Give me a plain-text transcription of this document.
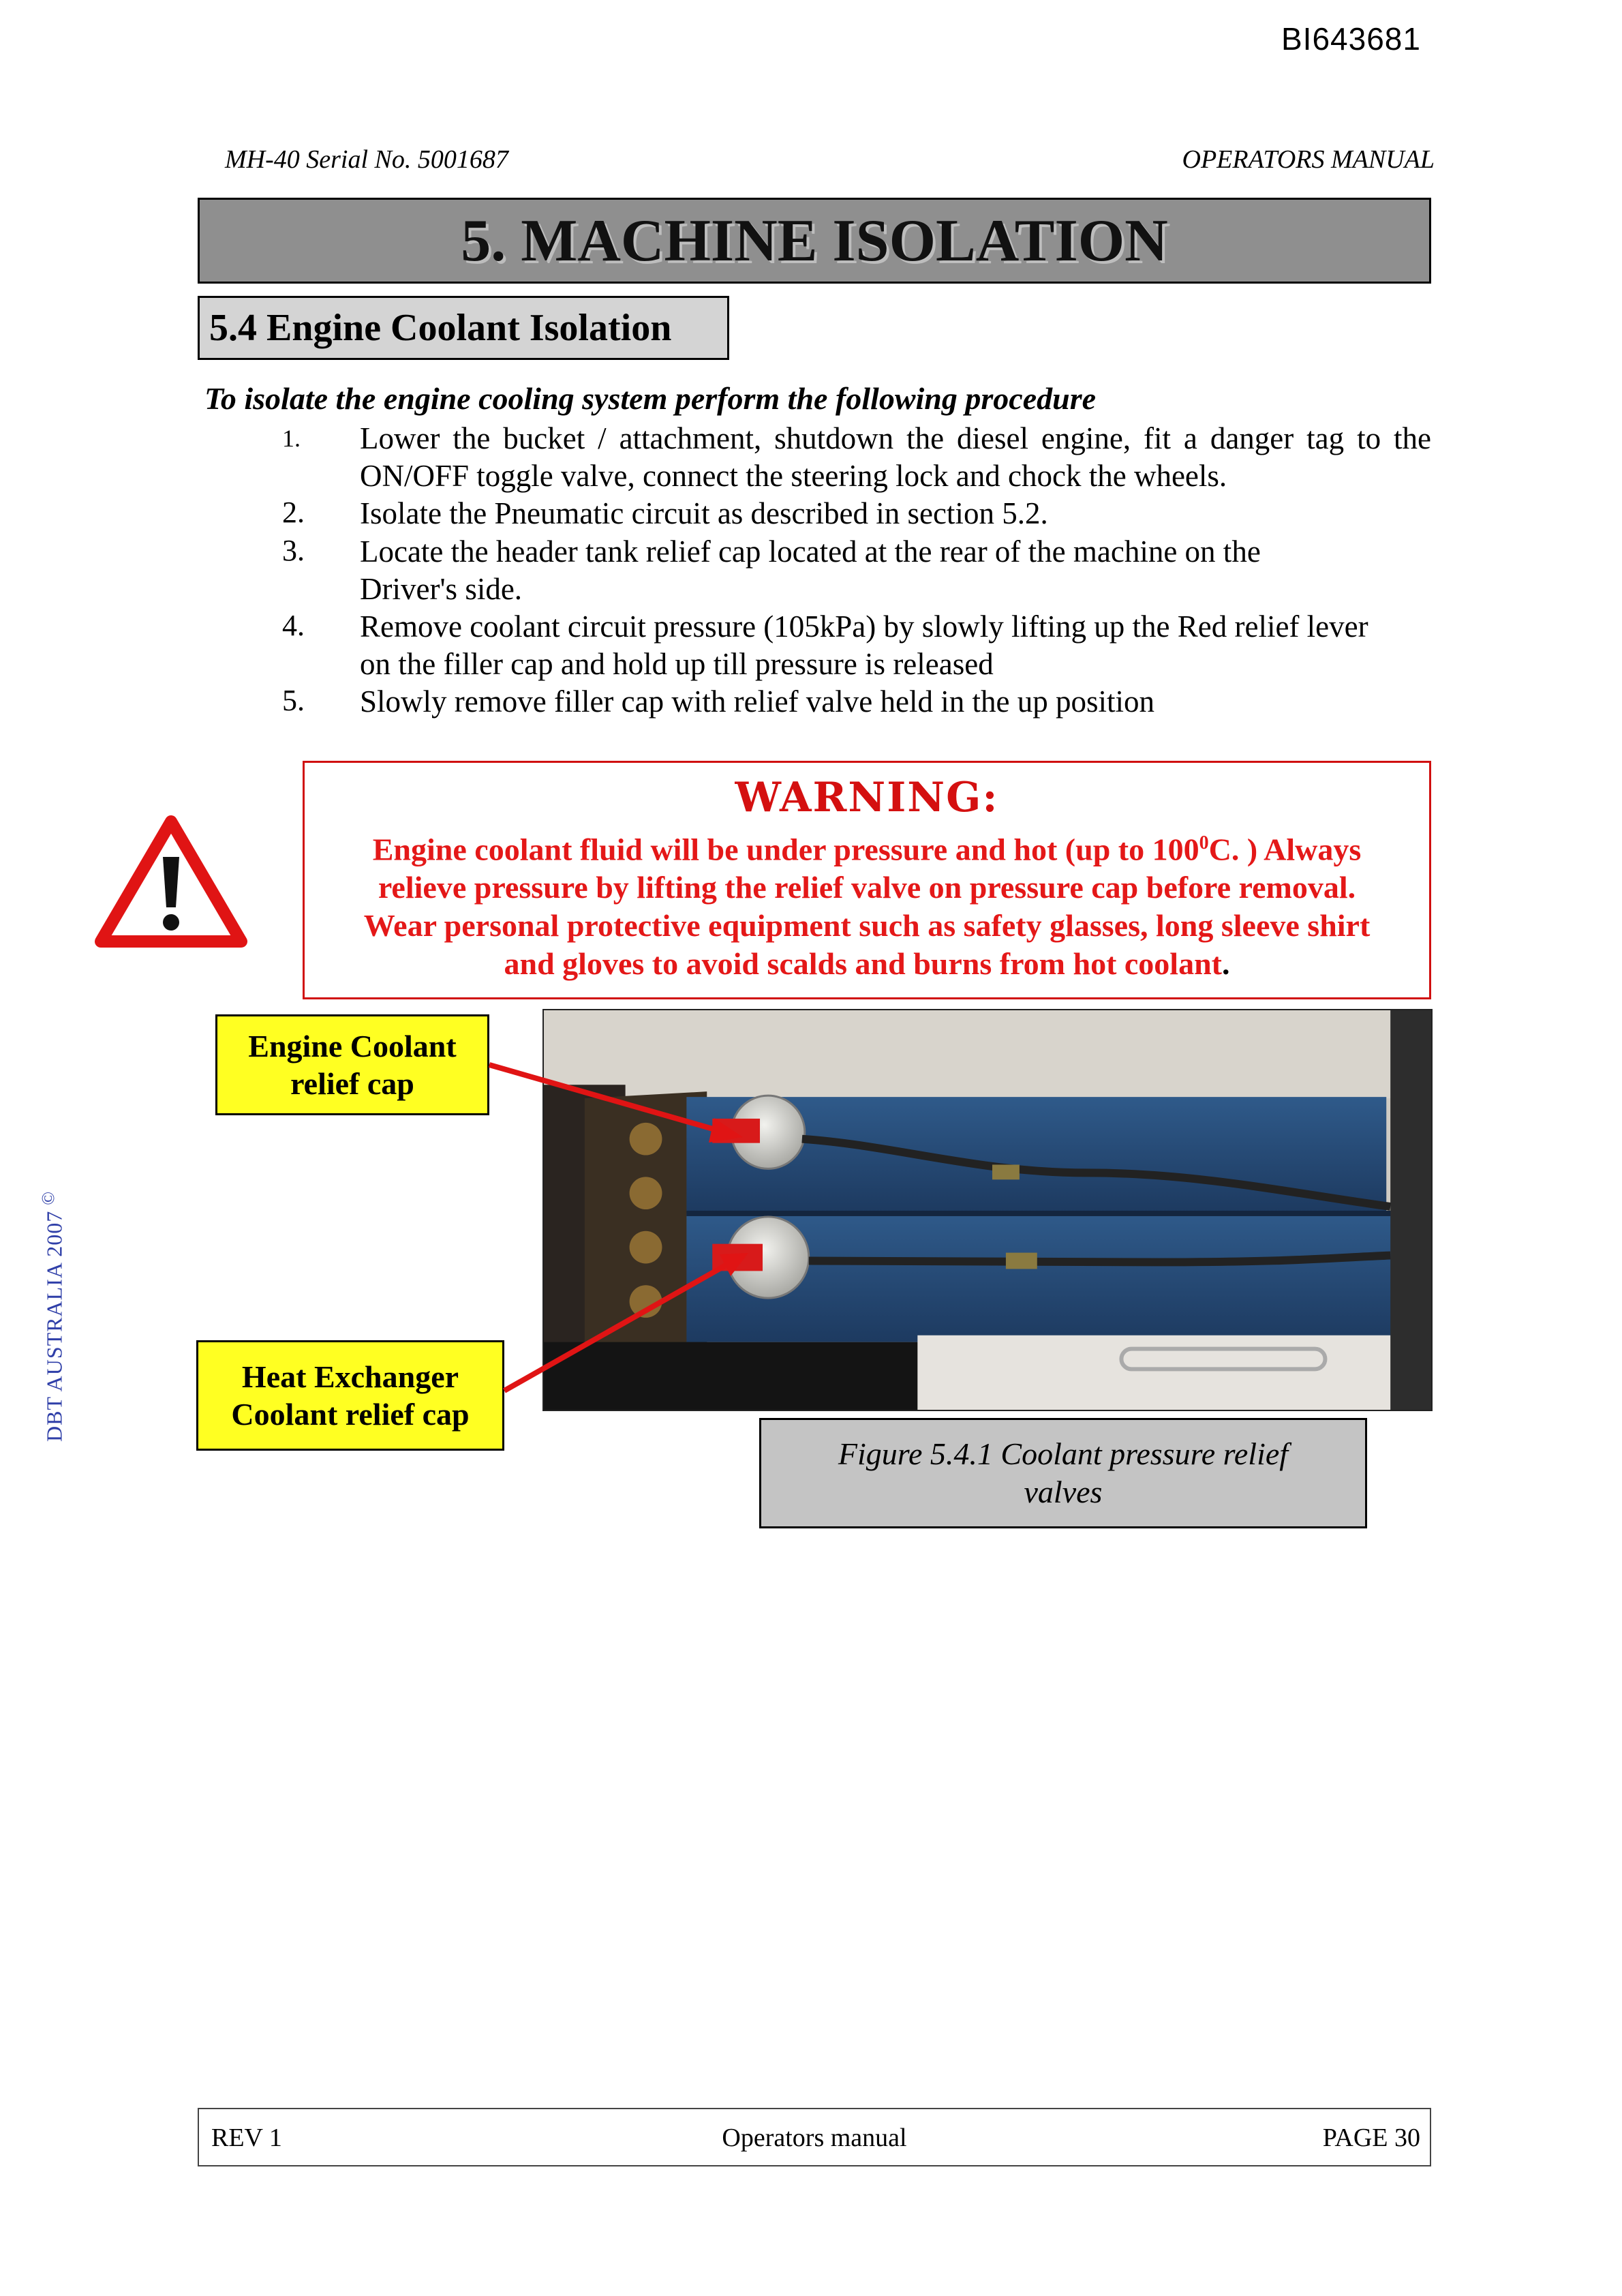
BI643681
MH-40 Serial No. 5001687	OPERATORS MANUAL
5. MACHINE ISOLATION
5.4 Engine Coolant Isolation
To isolate the engine cooling system perform the following procedure
1. Lower the bucket / attachment, shutdown the diesel engine, fit a danger tag to the ON/OFF toggle valve, connect the steering lock and chock the wheels.
2. Isolate the Pneumatic circuit as described in section 5.2.
3. Locate the header tank relief cap located at the rear of the machine on the Driver's side.
4. Remove coolant circuit pressure (105kPa) by slowly lifting up the Red relief lever on the filler cap and hold up till pressure is released
5. Slowly remove filler cap with relief valve held in the up position
WARNING:
Engine coolant fluid will be under pressure and hot (up to $100^0C$. ) Always
relieve pressure by lifting the relief valve on pressure cap before removal.
Wear personal protective equipment such as safety glasses, long sleeve shirt
and gloves to avoid scalds and burns from hot coolant.
Engine Coolant
relief cap
Heat Exchanger
Coolant relief cap
Figure 5.4.1 Coolant pressure relief
valves
DBT AUSTRALIA 2007©
REV 1	Operators manual	PAGE 30
